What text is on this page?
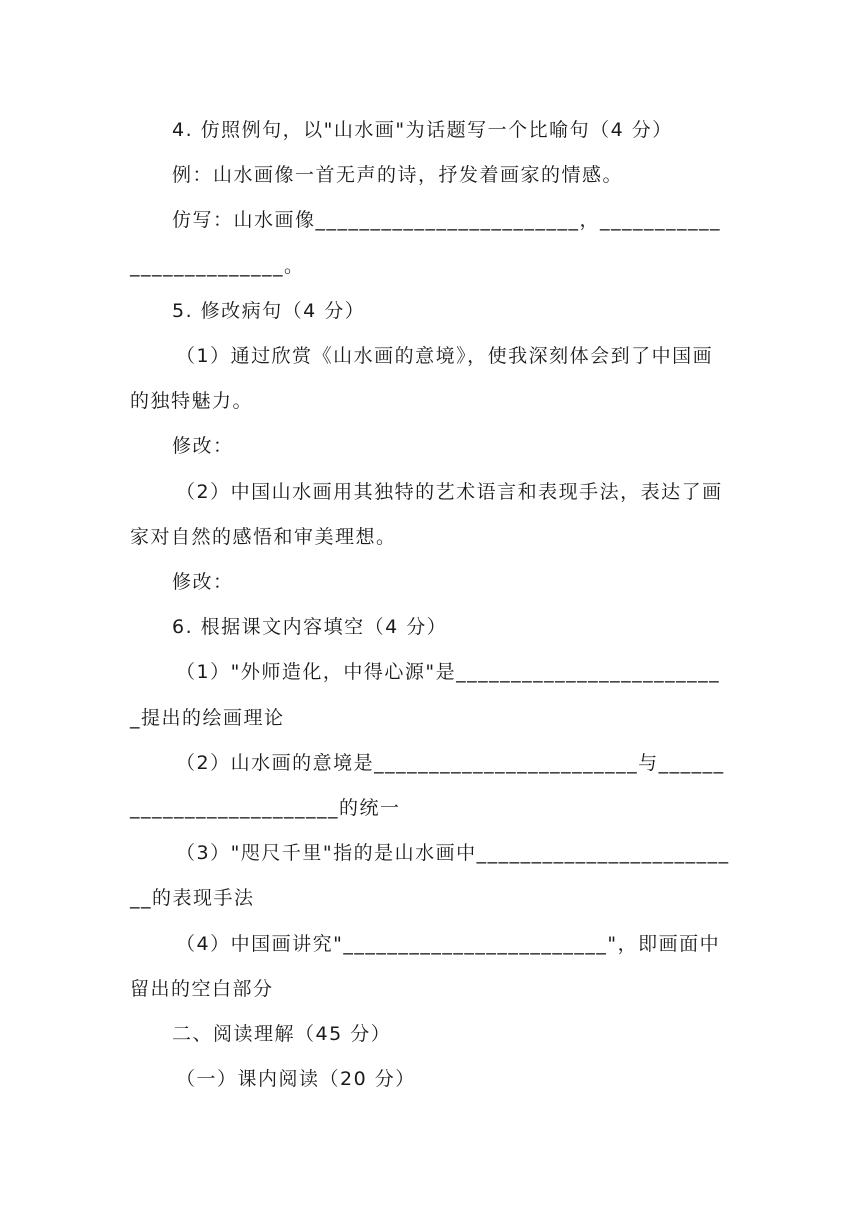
4. 仿照例句，以"山水画"为话题写一个比喻句（4 分）

例：山水画像一首无声的诗，抒发着画家的情感。

仿写：山水画像________________________，_________________________。

5. 修改病句（4 分）

（1）通过欣赏《山水画的意境》，使我深刻体会到了中国画的独特魅力。

修改：

（2）中国山水画用其独特的艺术语言和表现手法，表达了画家对自然的感悟和审美理想。

修改：

6. 根据课文内容填空（4 分）

（1）"外师造化，中得心源"是_________________________提出的绘画理论

（2）山水画的意境是________________________与_________________________的统一

（3）"咫尺千里"指的是山水画中_________________________的表现手法

（4）中国画讲究"________________________"，即画面中留出的空白部分

二、阅读理解（45 分）

（一）课内阅读（20 分）
